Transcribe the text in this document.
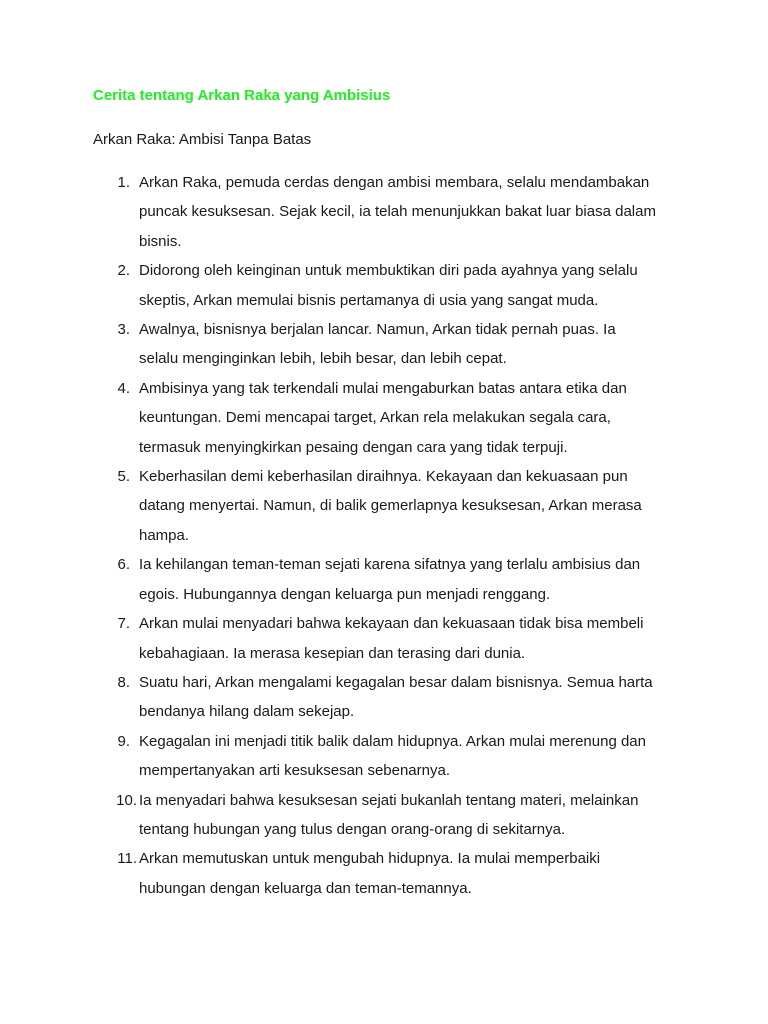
Cerita tentang Arkan Raka yang Ambisius

Arkan Raka: Ambisi Tanpa Batas

1. Arkan Raka, pemuda cerdas dengan ambisi membara, selalu mendambakan
puncak kesuksesan. Sejak kecil, ia telah menunjukkan bakat luar biasa dalam
bisnis.
2. Didorong oleh keinginan untuk membuktikan diri pada ayahnya yang selalu
skeptis, Arkan memulai bisnis pertamanya di usia yang sangat muda.
3. Awalnya, bisnisnya berjalan lancar. Namun, Arkan tidak pernah puas. Ia
selalu menginginkan lebih, lebih besar, dan lebih cepat.
4. Ambisinya yang tak terkendali mulai mengaburkan batas antara etika dan
keuntungan. Demi mencapai target, Arkan rela melakukan segala cara,
termasuk menyingkirkan pesaing dengan cara yang tidak terpuji.
5. Keberhasilan demi keberhasilan diraihnya. Kekayaan dan kekuasaan pun
datang menyertai. Namun, di balik gemerlapnya kesuksesan, Arkan merasa
hampa.
6. Ia kehilangan teman-teman sejati karena sifatnya yang terlalu ambisius dan
egois. Hubungannya dengan keluarga pun menjadi renggang.
7. Arkan mulai menyadari bahwa kekayaan dan kekuasaan tidak bisa membeli
kebahagiaan. Ia merasa kesepian dan terasing dari dunia.
8. Suatu hari, Arkan mengalami kegagalan besar dalam bisnisnya. Semua harta
bendanya hilang dalam sekejap.
9. Kegagalan ini menjadi titik balik dalam hidupnya. Arkan mulai merenung dan
mempertanyakan arti kesuksesan sebenarnya.
10. Ia menyadari bahwa kesuksesan sejati bukanlah tentang materi, melainkan
tentang hubungan yang tulus dengan orang-orang di sekitarnya.
11. Arkan memutuskan untuk mengubah hidupnya. Ia mulai memperbaiki
hubungan dengan keluarga dan teman-temannya.
